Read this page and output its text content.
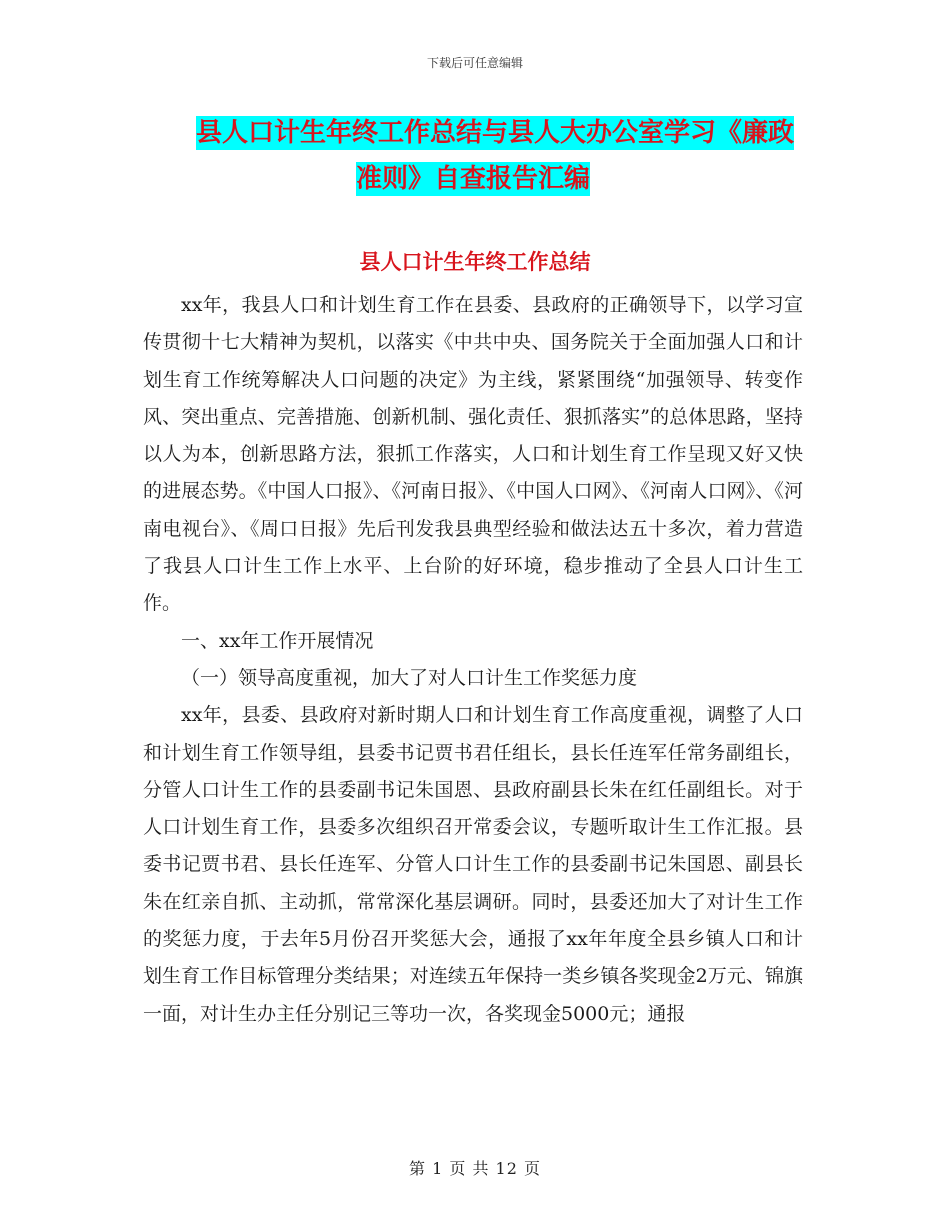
下载后可任意编辑
县人口计生年终工作总结与县人大办公室学习《廉政
准则》自查报告汇编
县人口计生年终工作总结

xx年，我县人口和计划生育工作在县委、县政府的正确领导下，以学习宣传贯彻十七大精神为契机，以落实《中共中央、国务院关于全面加强人口和计划生育工作统筹解决人口问题的决定》为主线，紧紧围绕“加强领导、转变作风、突出重点、完善措施、创新机制、强化责任、狠抓落实”的总体思路，坚持以人为本，创新思路方法，狠抓工作落实，人口和计划生育工作呈现又好又快的进展态势。《中国人口报》、《河南日报》、《中国人口网》、《河南人口网》、《河南电视台》、《周口日报》先后刊发我县典型经验和做法达五十多次，着力营造了我县人口计生工作上水平、上台阶的好环境，稳步推动了全县人口计生工作。

一、xx年工作开展情况

（一）领导高度重视，加大了对人口计生工作奖惩力度

xx年，县委、县政府对新时期人口和计划生育工作高度重视，调整了人口和计划生育工作领导组，县委书记贾书君任组长，县长任连军任常务副组长，分管人口计生工作的县委副书记朱国恩、县政府副县长朱在红任副组长。对于人口计划生育工作，县委多次组织召开常委会议，专题听取计生工作汇报。县委书记贾书君、县长任连军、分管人口计生工作的县委副书记朱国恩、副县长朱在红亲自抓、主动抓，常常深化基层调研。同时，县委还加大了对计生工作的奖惩力度，于去年5月份召开奖惩大会，通报了xx年年度全县乡镇人口和计划生育工作目标管理分类结果；对连续五年保持一类乡镇各奖现金2万元、锦旗一面，对计生办主任分别记三等功一次，各奖现金5000元；通报

第 1 页 共 12 页
